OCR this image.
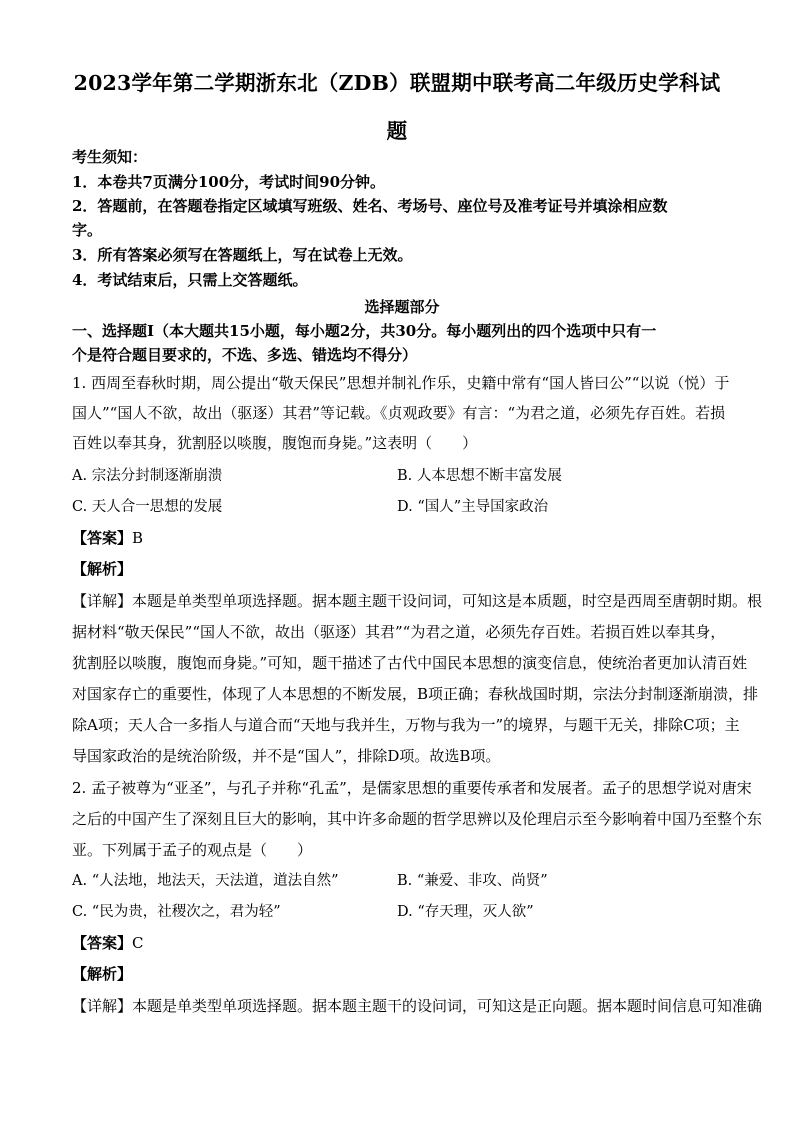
2023学年第二学期浙东北（ZDB）联盟期中联考高二年级历史学科试
题
考生须知：
1．本卷共7页满分100分，考试时间90分钟。
2．答题前，在答题卷指定区域填写班级、姓名、考场号、座位号及准考证号并填涂相应数
字。
3．所有答案必须写在答题纸上，写在试卷上无效。
4．考试结束后，只需上交答题纸。
选择题部分
一、选择题Ⅰ（本大题共15小题，每小题2分，共30分。每小题列出的四个选项中只有一
个是符合题目要求的，不选、多选、错选均不得分）
1. 西周至春秋时期，周公提出“敬天保民”思想并制礼作乐，史籍中常有“国人皆曰公”“以说（悦）于
国人”“国人不欲，故出（驱逐）其君”等记载。《贞观政要》有言：“为君之道，必须先存百姓。若损
百姓以奉其身，犹割胫以啖腹，腹饱而身毙。”这表明（　　）
A. 宗法分封制逐渐崩溃	B. 人本思想不断丰富发展
C. 天人合一思想的发展	D. “国人”主导国家政治
【答案】B
【解析】
【详解】本题是单类型单项选择题。据本题主题干设问词，可知这是本质题，时空是西周至唐朝时期。根
据材料“敬天保民”“国人不欲，故出（驱逐）其君”“为君之道，必须先存百姓。若损百姓以奉其身，
犹割胫以啖腹，腹饱而身毙。”可知，题干描述了古代中国民本思想的演变信息，使统治者更加认清百姓
对国家存亡的重要性，体现了人本思想的不断发展，B项正确；春秋战国时期，宗法分封制逐渐崩溃，排
除A项；天人合一多指人与道合而“天地与我并生，万物与我为一”的境界，与题干无关，排除C项；主
导国家政治的是统治阶级，并不是“国人”，排除D项。故选B项。
2. 孟子被尊为“亚圣”，与孔子并称“孔孟”，是儒家思想的重要传承者和发展者。孟子的思想学说对唐宋
之后的中国产生了深刻且巨大的影响，其中许多命题的哲学思辨以及伦理启示至今影响着中国乃至整个东
亚。下列属于孟子的观点是（　　）
A. “人法地，地法天，天法道，道法自然”	B. “兼爱、非攻、尚贤”
C. “民为贵，社稷次之，君为轻”	D. “存天理，灭人欲”
【答案】C
【解析】
【详解】本题是单类型单项选择题。据本题主题干的设问词，可知这是正向题。据本题时间信息可知准确
